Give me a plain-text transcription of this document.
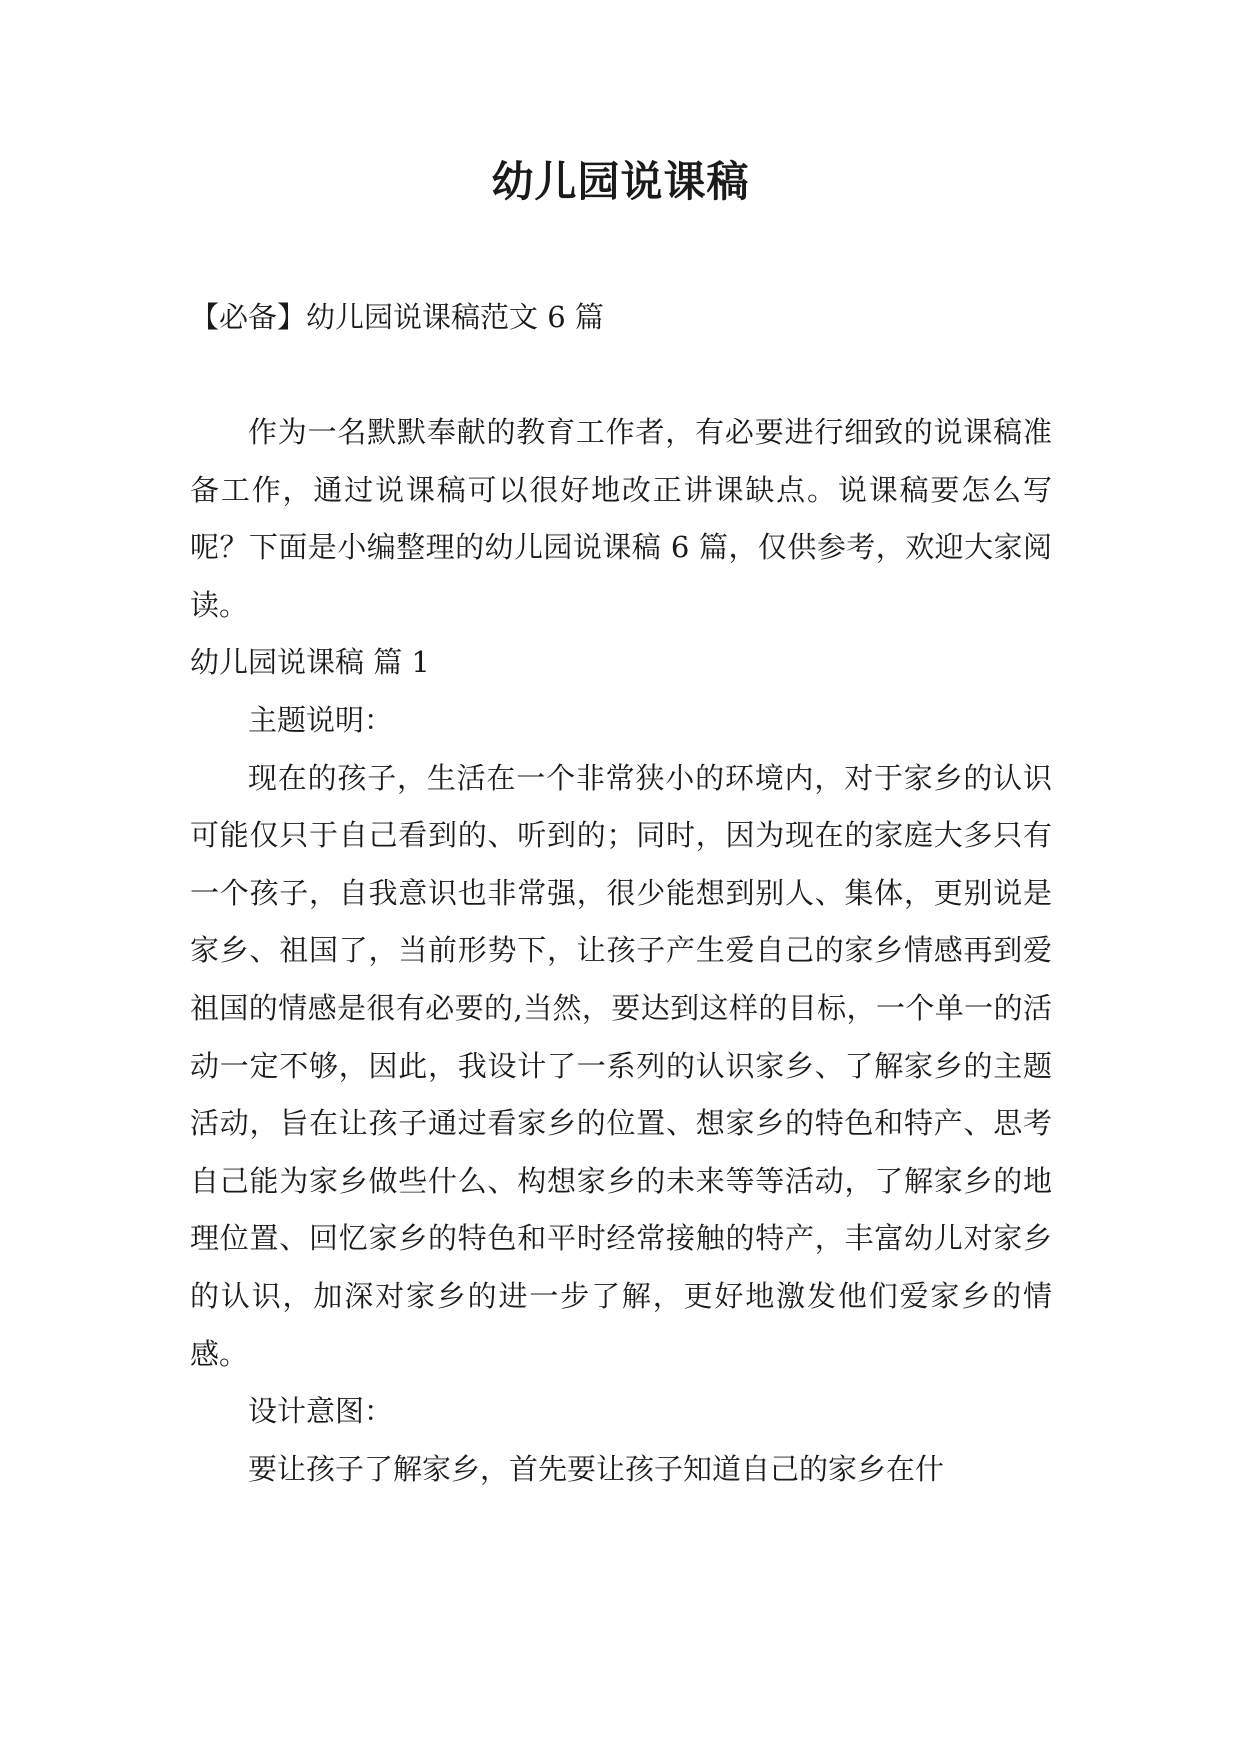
幼儿园说课稿

【必备】幼儿园说课稿范文 6 篇

作为一名默默奉献的教育工作者，有必要进行细致的说课稿准备工作，通过说课稿可以很好地改正讲课缺点。说课稿要怎么写呢？下面是小编整理的幼儿园说课稿 6 篇，仅供参考，欢迎大家阅读。

幼儿园说课稿 篇 1

主题说明：

现在的孩子，生活在一个非常狭小的环境内，对于家乡的认识可能仅只于自己看到的、听到的；同时，因为现在的家庭大多只有一个孩子，自我意识也非常强，很少能想到别人、集体，更别说是家乡、祖国了，当前形势下，让孩子产生爱自己的家乡情感再到爱祖国的情感是很有必要的,当然，要达到这样的目标，一个单一的活动一定不够，因此，我设计了一系列的认识家乡、了解家乡的主题活动，旨在让孩子通过看家乡的位置、想家乡的特色和特产、思考自己能为家乡做些什么、构想家乡的未来等等活动，了解家乡的地理位置、回忆家乡的特色和平时经常接触的特产，丰富幼儿对家乡的认识，加深对家乡的进一步了解，更好地激发他们爱家乡的情感。

设计意图：

要让孩子了解家乡，首先要让孩子知道自己的家乡在什
